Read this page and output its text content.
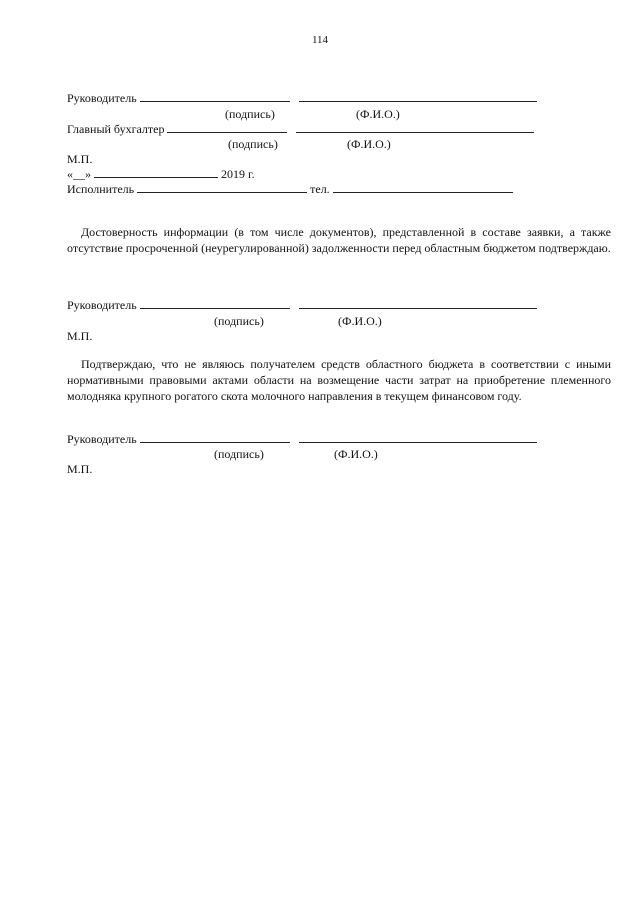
114
Руководитель
(подпись)	(Ф.И.О.)
Главный бухгалтер
(подпись)	(Ф.И.О.)
М.П.
«__»	2019 г.
Исполнитель	тел.
Достоверность информации (в том числе документов), представленной в составе заявки, а также отсутствие просроченной (неурегулированной) задолженности перед областным бюджетом подтверждаю.
Руководитель
(подпись)	(Ф.И.О.)
М.П.
Подтверждаю, что не являюсь получателем средств областного бюджета в соответствии с иными нормативными правовыми актами области на возмещение части затрат на приобретение племенного молодняка крупного рогатого скота молочного направления в текущем финансовом году.
Руководитель
(подпись)	(Ф.И.О.)
М.П.
